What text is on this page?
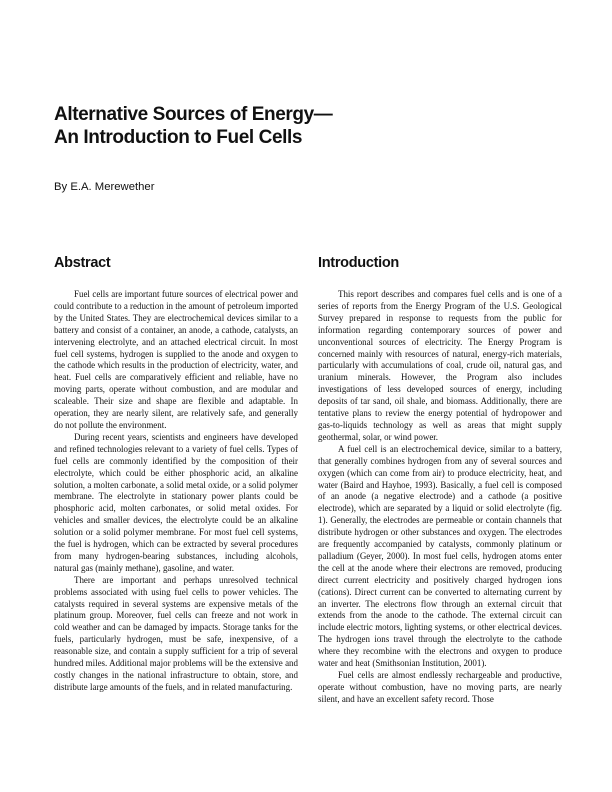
Alternative Sources of Energy—
An Introduction to Fuel Cells

By E.A. Merewether

Abstract

Fuel cells are important future sources of electrical power and could contribute to a reduction in the amount of petroleum imported by the United States. They are electrochemical devices similar to a battery and consist of a container, an anode, a cathode, catalysts, an intervening electrolyte, and an attached electrical circuit. In most fuel cell systems, hydrogen is supplied to the anode and oxygen to the cathode which results in the production of electricity, water, and heat. Fuel cells are comparatively efficient and reliable, have no moving parts, operate without combustion, and are modular and scaleable. Their size and shape are flexible and adaptable. In operation, they are nearly silent, are relatively safe, and generally do not pollute the environment.

During recent years, scientists and engineers have developed and refined technologies relevant to a variety of fuel cells. Types of fuel cells are commonly identified by the composition of their electrolyte, which could be either phosphoric acid, an alkaline solution, a molten carbonate, a solid metal oxide, or a solid polymer membrane. The electrolyte in stationary power plants could be phosphoric acid, molten carbonates, or solid metal oxides. For vehicles and smaller devices, the electrolyte could be an alkaline solution or a solid polymer membrane. For most fuel cell systems, the fuel is hydrogen, which can be extracted by several procedures from many hydrogen-bearing substances, including alcohols, natural gas (mainly methane), gasoline, and water.

There are important and perhaps unresolved technical problems associated with using fuel cells to power vehicles. The catalysts required in several systems are expensive metals of the platinum group. Moreover, fuel cells can freeze and not work in cold weather and can be damaged by impacts. Storage tanks for the fuels, particularly hydrogen, must be safe, inexpensive, of a reasonable size, and contain a supply sufficient for a trip of several hundred miles. Additional major problems will be the extensive and costly changes in the national infrastructure to obtain, store, and distribute large amounts of the fuels, and in related manufacturing.

Introduction

This report describes and compares fuel cells and is one of a series of reports from the Energy Program of the U.S. Geological Survey prepared in response to requests from the public for information regarding contemporary sources of power and unconventional sources of electricity. The Energy Program is concerned mainly with resources of natural, energy-rich materials, particularly with accumulations of coal, crude oil, natural gas, and uranium minerals. However, the Program also includes investigations of less developed sources of energy, including deposits of tar sand, oil shale, and biomass. Additionally, there are tentative plans to review the energy potential of hydropower and gas-to-liquids technology as well as areas that might supply geothermal, solar, or wind power.

A fuel cell is an electrochemical device, similar to a battery, that generally combines hydrogen from any of several sources and oxygen (which can come from air) to produce electricity, heat, and water (Baird and Hayhoe, 1993). Basically, a fuel cell is composed of an anode (a negative electrode) and a cathode (a positive electrode), which are separated by a liquid or solid electrolyte (fig. 1). Generally, the electrodes are permeable or contain channels that distribute hydrogen or other substances and oxygen. The electrodes are frequently accompanied by catalysts, commonly platinum or palladium (Geyer, 2000). In most fuel cells, hydrogen atoms enter the cell at the anode where their electrons are removed, producing direct current electricity and positively charged hydrogen ions (cations). Direct current can be converted to alternating current by an inverter. The electrons flow through an external circuit that extends from the anode to the cathode. The external circuit can include electric motors, lighting systems, or other electrical devices. The hydrogen ions travel through the electrolyte to the cathode where they recombine with the electrons and oxygen to produce water and heat (Smithsonian Institution, 2001).

Fuel cells are almost endlessly rechargeable and productive, operate without combustion, have no moving parts, are nearly silent, and have an excellent safety record. Those
